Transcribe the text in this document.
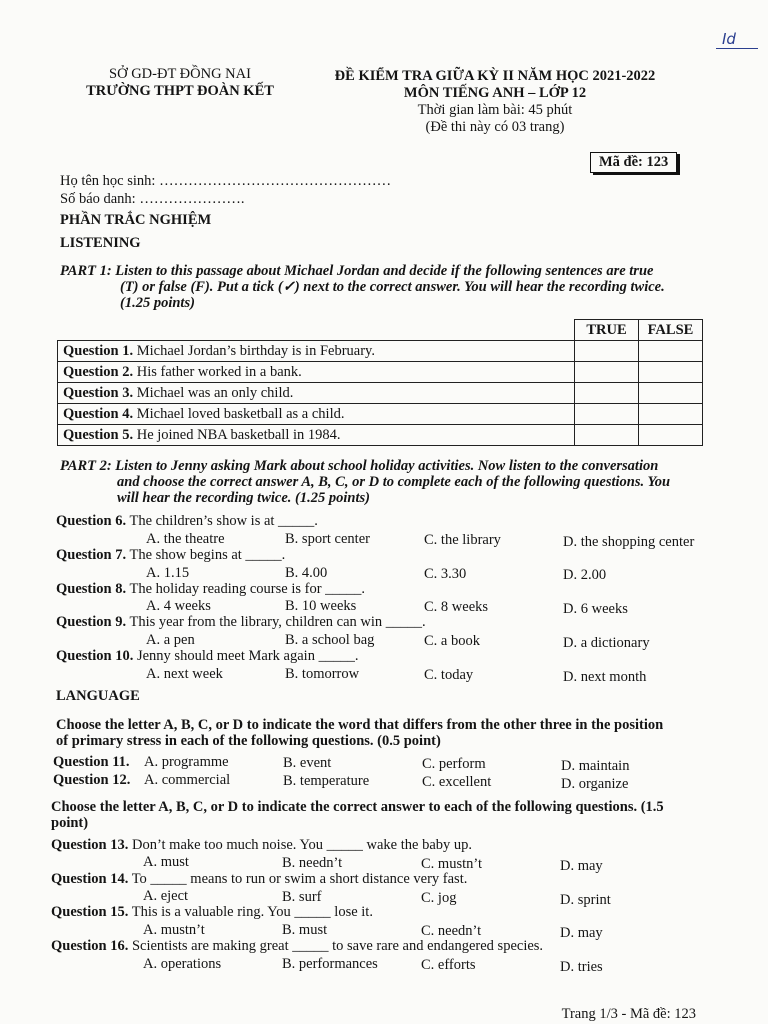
Id
SỞ GD-ĐT ĐỒNG NAI
TRƯỜNG THPT ĐOÀN KẾT
ĐỀ KIỂM TRA GIỮA KỲ II NĂM HỌC 2021-2022
MÔN TIẾNG ANH – LỚP 12
Thời gian làm bài: 45 phút
(Đề thi này có 03 trang)
Mã đề: 123
Họ tên học sinh: …………………………………………
Số báo danh: ………………….
PHẦN TRẮC NGHIỆM
LISTENING
PART 1: Listen to this passage about Michael Jordan and decide if the following sentences are true
(T) or false (F). Put a tick (✓) next to the correct answer. You will hear the recording twice.
(1.25 points)
	TRUE	FALSE
Question 1. Michael Jordan’s birthday is in February.		
Question 2. His father worked in a bank.		
Question 3. Michael was an only child.		
Question 4. Michael loved basketball as a child.		
Question 5. He joined NBA basketball in 1984.		
PART 2: Listen to Jenny asking Mark about school holiday activities. Now listen to the conversation
and choose the correct answer A, B, C, or D to complete each of the following questions. You
will hear the recording twice. (1.25 points)
Question 6. The children’s show is at _____.
A. the theatre	B. sport center	C. the library	D. the shopping center
Question 7. The show begins at _____.
A. 1.15	B. 4.00	C. 3.30	D. 2.00
Question 8. The holiday reading course is for _____.
A. 4 weeks	B. 10 weeks	C. 8 weeks	D. 6 weeks
Question 9. This year from the library, children can win _____.
A. a pen	B. a school bag	C. a book	D. a dictionary
Question 10. Jenny should meet Mark again _____.
A. next week	B. tomorrow	C. today	D. next month
LANGUAGE
Choose the letter A, B, C, or D to indicate the word that differs from the other three in the position
of primary stress in each of the following questions. (0.5 point)
Question 11. A. programme	B. event	C. perform	D. maintain
Question 12. A. commercial	B. temperature	C. excellent	D. organize
Choose the letter A, B, C, or D to indicate the correct answer to each of the following questions. (1.5
point)
Question 13. Don’t make too much noise. You _____ wake the baby up.
A. must	B. needn’t	C. mustn’t	D. may
Question 14. To _____ means to run or swim a short distance very fast.
A. eject	B. surf	C. jog	D. sprint
Question 15. This is a valuable ring. You _____ lose it.
A. mustn’t	B. must	C. needn’t	D. may
Question 16. Scientists are making great _____ to save rare and endangered species.
A. operations	B. performances	C. efforts	D. tries
Trang 1/3 - Mã đề: 123
